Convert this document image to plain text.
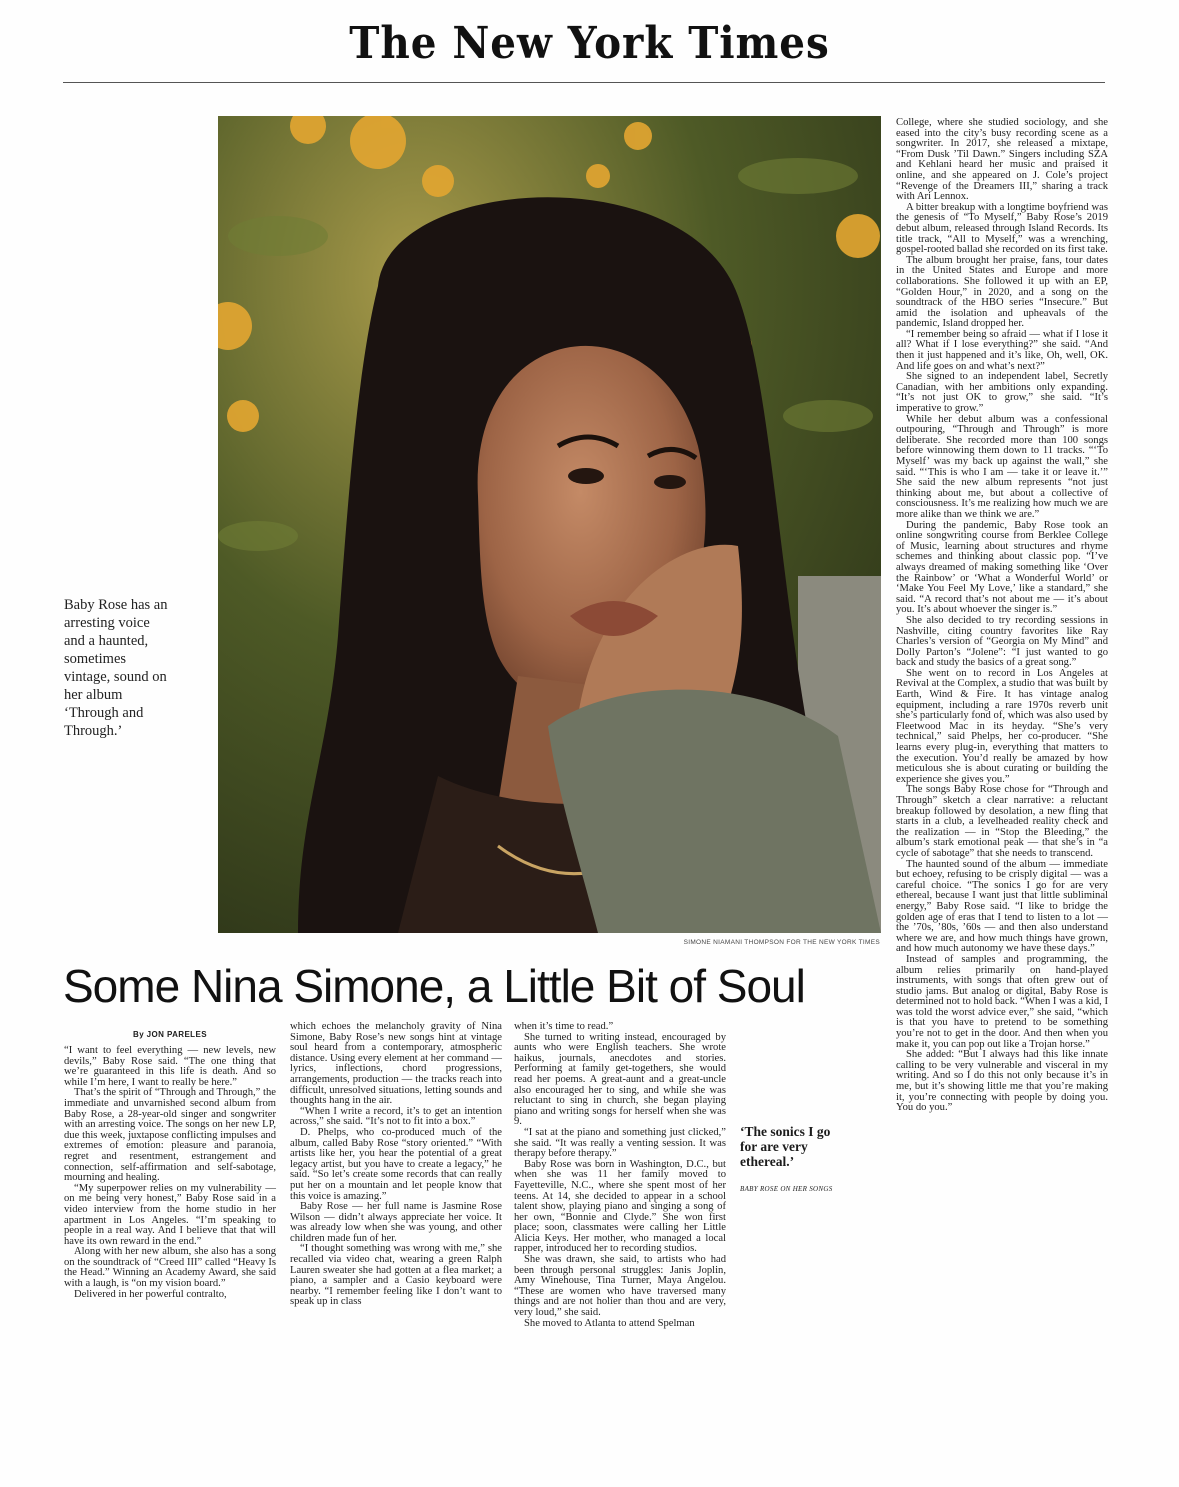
The New York Times
SIMONE NIAMANI THOMPSON FOR THE NEW YORK TIMES
Baby Rose has an arresting voice and a haunted, sometimes vintage, sound on her album ‘Through and Through.’
Some Nina Simone, a Little Bit of Soul
By JON PARELES

“I want to feel everything — new levels, new devils,” Baby Rose said. “The one thing that we’re guaranteed in this life is death. And so while I’m here, I want to really be here.”

That’s the spirit of “Through and Through,” the immediate and unvarnished second album from Baby Rose, a 28-year-old singer and songwriter with an arresting voice. The songs on her new LP, due this week, juxtapose conflicting impulses and extremes of emotion: pleasure and paranoia, regret and resentment, estrangement and connection, self-affirmation and self-sabotage, mourning and healing.

“My superpower relies on my vulnerability — on me being very honest,” Baby Rose said in a video interview from the home studio in her apartment in Los Angeles. “I’m speaking to people in a real way. And I believe that that will have its own reward in the end.”

Along with her new album, she also has a song on the soundtrack of “Creed III” called “Heavy Is the Head.” Winning an Academy Award, she said with a laugh, is “on my vision board.”

Delivered in her powerful contralto,

which echoes the melancholy gravity of Nina Simone, Baby Rose’s new songs hint at vintage soul heard from a contemporary, atmospheric distance. Using every element at her command — lyrics, inflections, chord progressions, arrangements, production — the tracks reach into difficult, unresolved situations, letting sounds and thoughts hang in the air.

“When I write a record, it’s to get an intention across,” she said. “It’s not to fit into a box.”

D. Phelps, who co-produced much of the album, called Baby Rose “story oriented.” “With artists like her, you hear the potential of a great legacy artist, but you have to create a legacy,” he said. “So let’s create some records that can really put her on a mountain and let people know that this voice is amazing.”

Baby Rose — her full name is Jasmine Rose Wilson — didn’t always appreciate her voice. It was already low when she was young, and other children made fun of her.

“I thought something was wrong with me,” she recalled via video chat, wearing a green Ralph Lauren sweater she had gotten at a flea market; a piano, a sampler and a Casio keyboard were nearby. “I remember feeling like I don’t want to speak up in class

when it’s time to read.”

She turned to writing instead, encouraged by aunts who were English teachers. She wrote haikus, journals, anecdotes and stories. Performing at family get-togethers, she would read her poems. A great-aunt and a great-uncle also encouraged her to sing, and while she was reluctant to sing in church, she began playing piano and writing songs for herself when she was 9.

“I sat at the piano and something just clicked,” she said. “It was really a venting session. It was therapy before therapy.”

Baby Rose was born in Washington, D.C., but when she was 11 her family moved to Fayetteville, N.C., where she spent most of her teens. At 14, she decided to appear in a school talent show, playing piano and singing a song of her own, “Bonnie and Clyde.” She won first place; soon, classmates were calling her Little Alicia Keys. Her mother, who managed a local rapper, introduced her to recording studios.

She was drawn, she said, to artists who had been through personal struggles: Janis Joplin, Amy Winehouse, Tina Turner, Maya Angelou. “These are women who have traversed many things and are not holier than thou and are very, very loud,” she said.

She moved to Atlanta to attend Spelman

‘The sonics I go for are very ethereal.’
BABY ROSE ON HER SONGS

College, where she studied sociology, and she eased into the city’s busy recording scene as a songwriter. In 2017, she released a mixtape, “From Dusk ’Til Dawn.” Singers including SZA and Kehlani heard her music and praised it online, and she appeared on J. Cole’s project “Revenge of the Dreamers III,” sharing a track with Ari Lennox.

A bitter breakup with a longtime boyfriend was the genesis of “To Myself,” Baby Rose’s 2019 debut album, released through Island Records. Its title track, “All to Myself,” was a wrenching, gospel-rooted ballad she recorded on its first take.

The album brought her praise, fans, tour dates in the United States and Europe and more collaborations. She followed it up with an EP, “Golden Hour,” in 2020, and a song on the soundtrack of the HBO series “Insecure.” But amid the isolation and upheavals of the pandemic, Island dropped her.

“I remember being so afraid — what if I lose it all? What if I lose everything?” she said. “And then it just happened and it’s like, Oh, well, OK. And life goes on and what’s next?”

She signed to an independent label, Secretly Canadian, with her ambitions only expanding. “It’s not just OK to grow,” she said. “It’s imperative to grow.”

While her debut album was a confessional outpouring, “Through and Through” is more deliberate. She recorded more than 100 songs before winnowing them down to 11 tracks. “‘To Myself’ was my back up against the wall,” she said. “‘This is who I am — take it or leave it.’” She said the new album represents “not just thinking about me, but about a collective of consciousness. It’s me realizing how much we are more alike than we think we are.”

During the pandemic, Baby Rose took an online songwriting course from Berklee College of Music, learning about structures and rhyme schemes and thinking about classic pop. “I’ve always dreamed of making something like ‘Over the Rainbow’ or ‘What a Wonderful World’ or ‘Make You Feel My Love,’ like a standard,” she said. “A record that’s not about me — it’s about you. It’s about whoever the singer is.”

She also decided to try recording sessions in Nashville, citing country favorites like Ray Charles’s version of “Georgia on My Mind” and Dolly Parton’s “Jolene”: “I just wanted to go back and study the basics of a great song.”

She went on to record in Los Angeles at Revival at the Complex, a studio that was built by Earth, Wind & Fire. It has vintage analog equipment, including a rare 1970s reverb unit she’s particularly fond of, which was also used by Fleetwood Mac in its heyday. “She’s very technical,” said Phelps, her co-producer. “She learns every plug-in, everything that matters to the execution. You’d really be amazed by how meticulous she is about curating or building the experience she gives you.”

The songs Baby Rose chose for “Through and Through” sketch a clear narrative: a reluctant breakup followed by desolation, a new fling that starts in a club, a levelheaded reality check and the realization — in “Stop the Bleeding,” the album’s stark emotional peak — that she’s in “a cycle of sabotage” that she needs to transcend.

The haunted sound of the album — immediate but echoey, refusing to be crisply digital — was a careful choice. “The sonics I go for are very ethereal, because I want just that little subliminal energy,” Baby Rose said. “I like to bridge the golden age of eras that I tend to listen to a lot — the ’70s, ’80s, ’60s — and then also understand where we are, and how much things have grown, and how much autonomy we have these days.”

Instead of samples and programming, the album relies primarily on hand-played instruments, with songs that often grew out of studio jams. But analog or digital, Baby Rose is determined not to hold back. “When I was a kid, I was told the worst advice ever,” she said, “which is that you have to pretend to be something you’re not to get in the door. And then when you make it, you can pop out like a Trojan horse.”

She added: “But I always had this like innate calling to be very vulnerable and visceral in my writing. And so I do this not only because it’s in me, but it’s showing little me that you’re making it, you’re connecting with people by doing you. You do you.”
